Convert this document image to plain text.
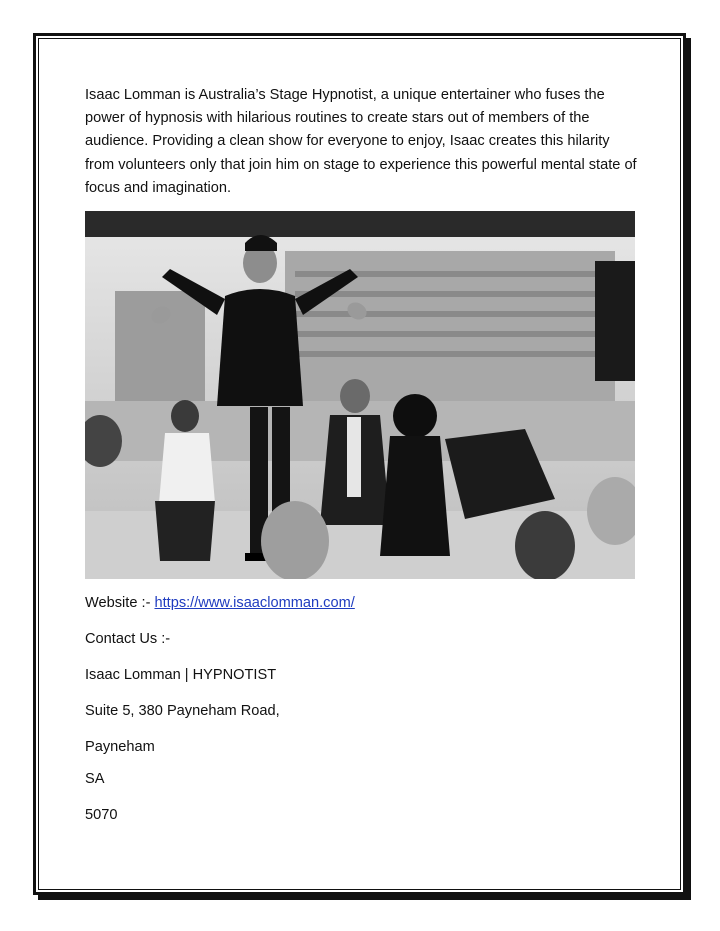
Isaac Lomman is Australia’s Stage Hypnotist, a unique entertainer who fuses the power of hypnosis with hilarious routines to create stars out of members of the audience. Providing a clean show for everyone to enjoy, Isaac creates this hilarity from volunteers only that join him on stage to experience this powerful mental state of focus and imagination.

Website :- https://www.isaaclomman.com/

Contact Us :-

Isaac Lomman | HYPNOTIST

Suite 5, 380 Payneham Road,

Payneham

SA

5070
